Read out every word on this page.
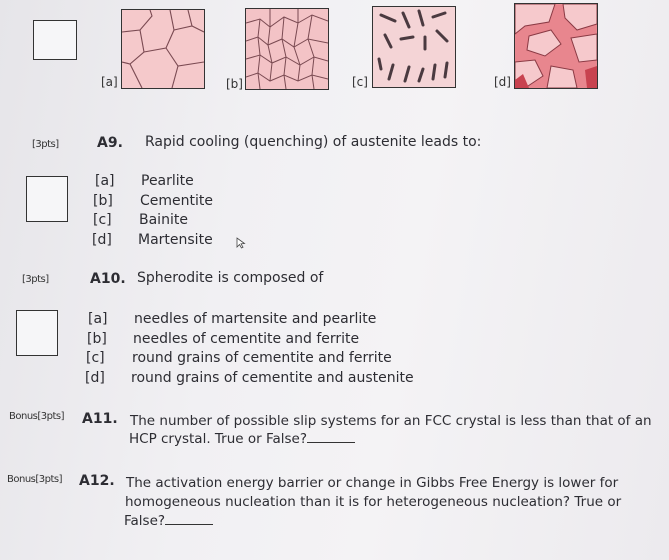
[a]	[b]	[c]	[d]
[3pts]	A9. Rapid cooling (quenching) of austenite leads to:
[a] Pearlite
[b] Cementite
[c] Bainite
[d] Martensite
[3pts]	A10. Spherodite is composed of
[a] needles of martensite and pearlite
[b] needles of cementite and ferrite
[c] round grains of cementite and ferrite
[d] round grains of cementite and austenite
Bonus[3pts] A11. The number of possible slip systems for an FCC crystal is less than that of an
HCP crystal. True or False?
Bonus[3pts] A12. The activation energy barrier or change in Gibbs Free Energy is lower for
homogeneous nucleation than it is for heterogeneous nucleation? True or
False?
